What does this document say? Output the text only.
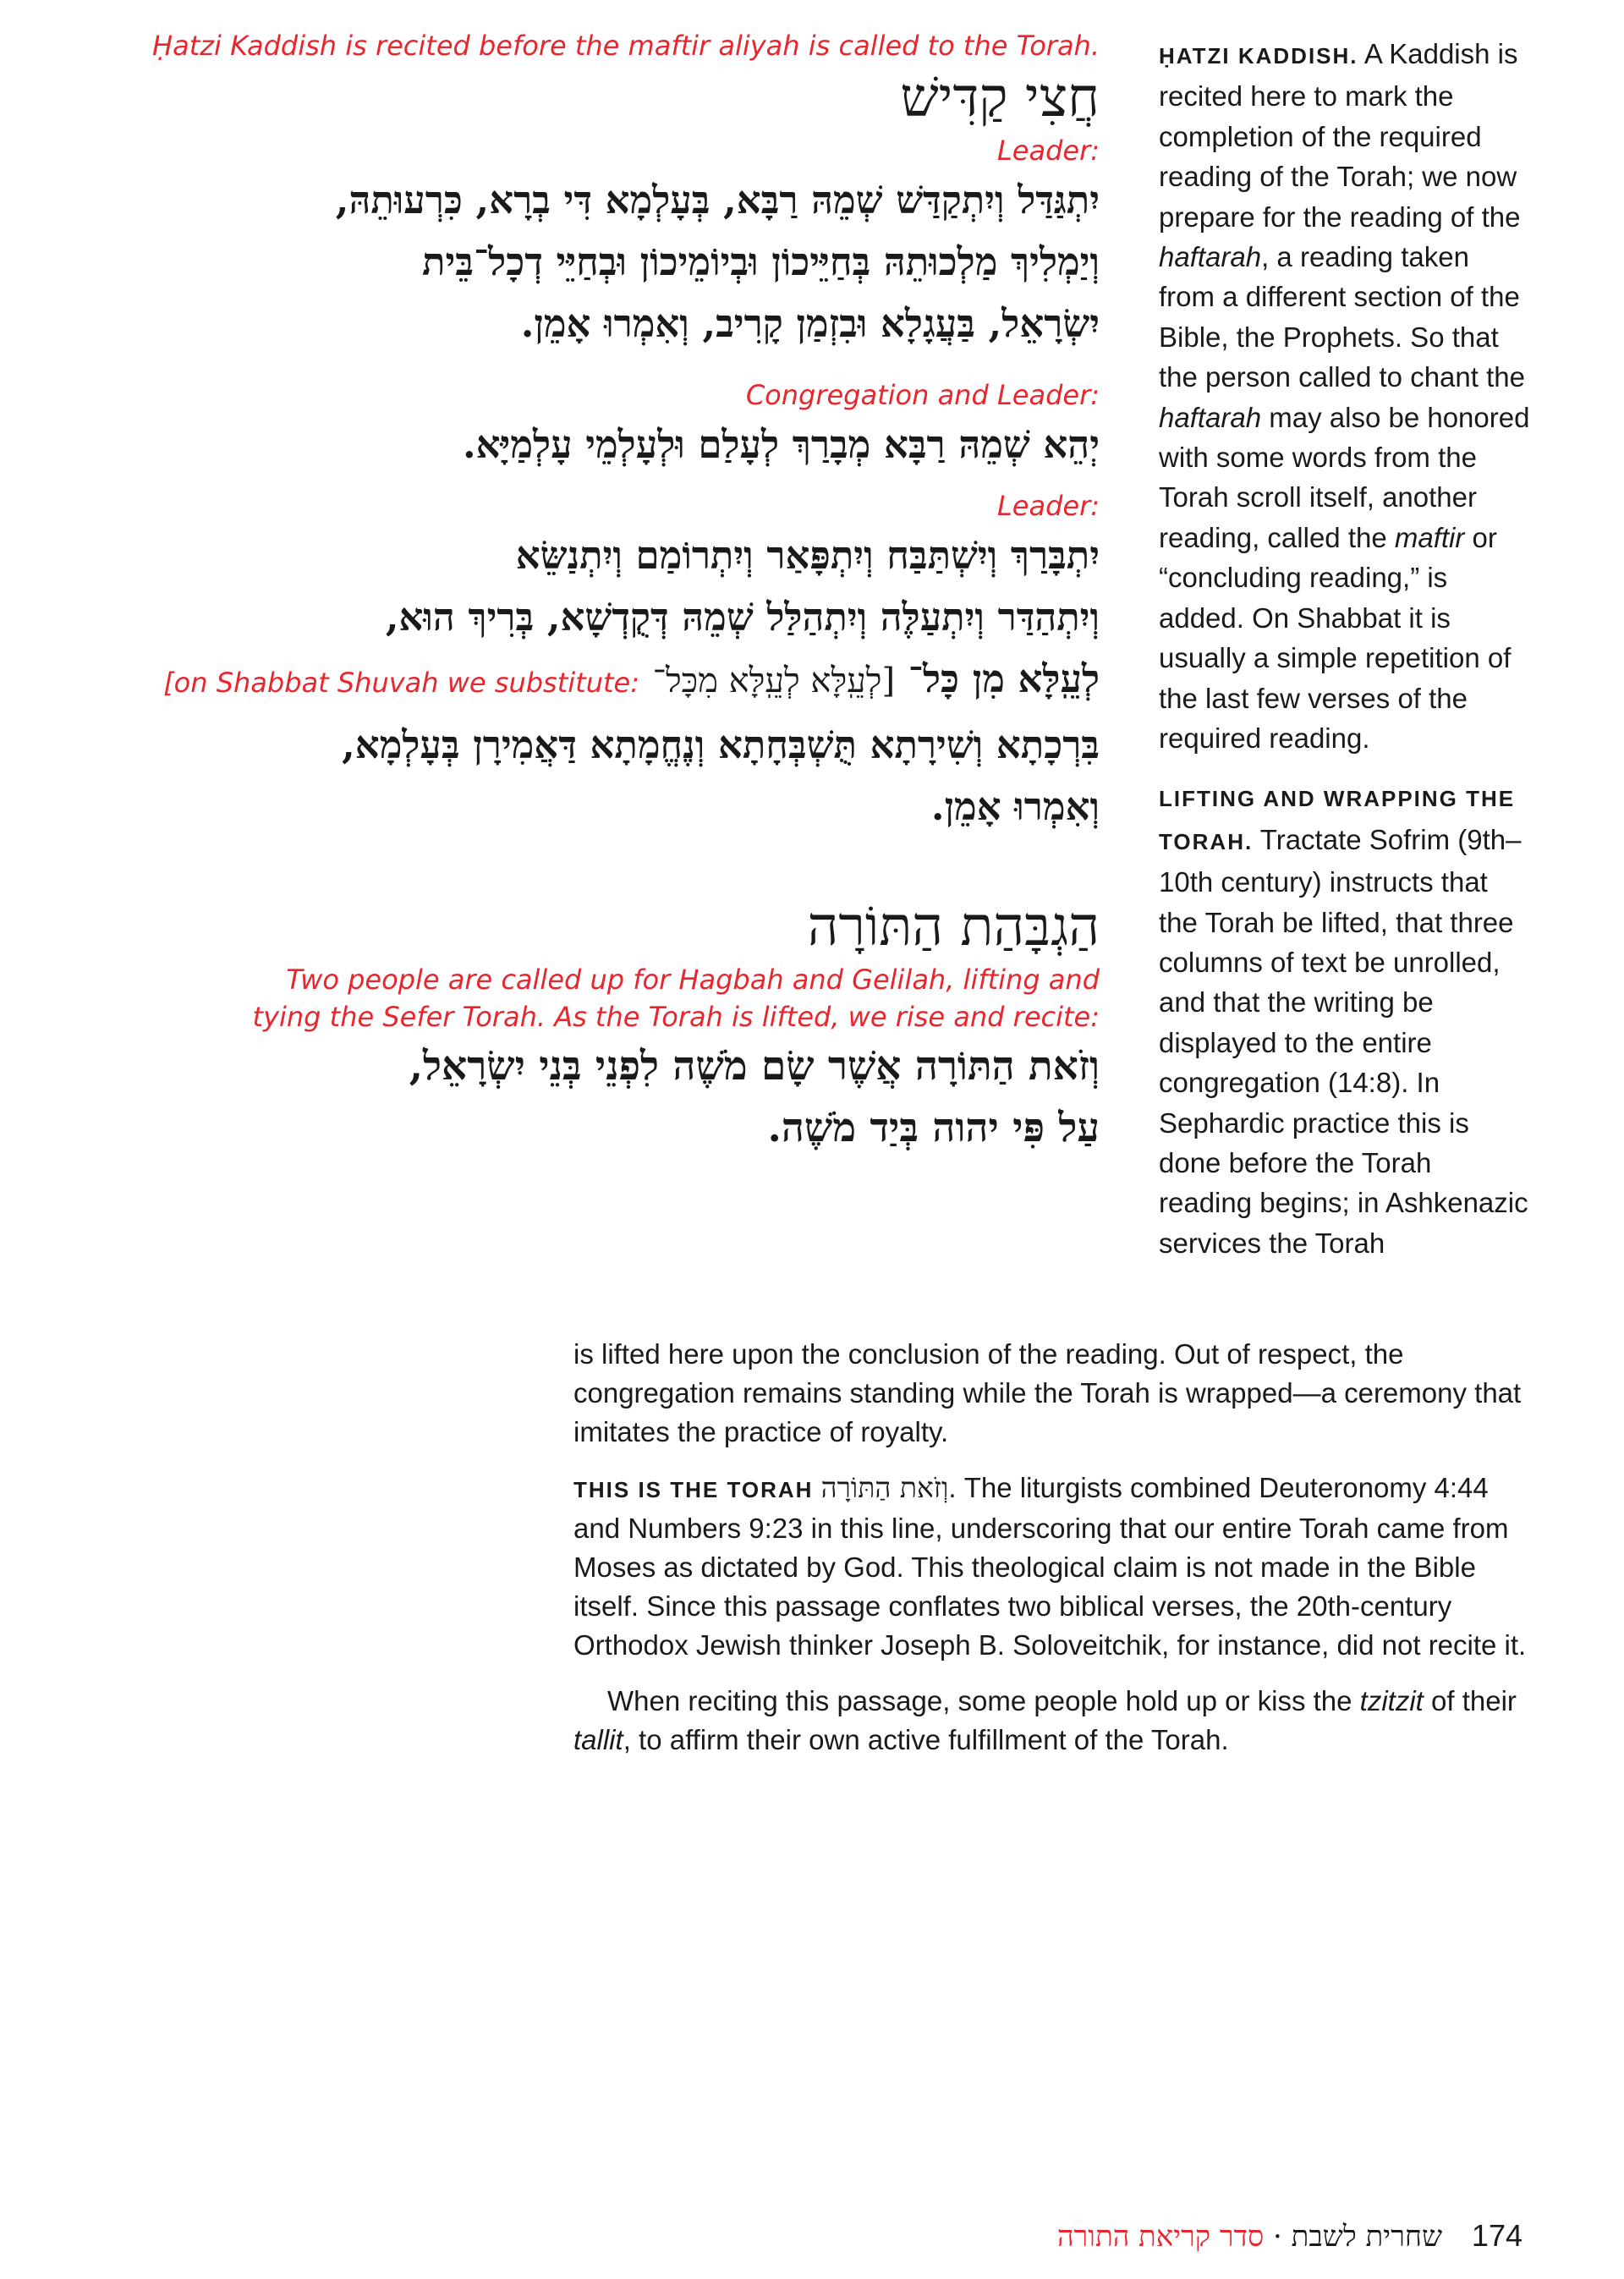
Ḥatzi Kaddish is recited before the maftir aliyah is called to the Torah.
חֲצִי קַדִּישׁ
Leader:
יִתְגַּדַּל וְיִתְקַדַּשׁ שְׁמֵהּ רַבָּא, בְּעָלְמָא דִּי בְרָא, כִּרְעוּתֵהּ,
וְיַמְלִיךְ מַלְכוּתֵהּ בְּחַיֵּיכוֹן וּבְיוֹמֵיכוֹן וּבְחַיֵּי דְכָל־בֵּית
יִשְׂרָאֵל, בַּעֲגָלָא וּבִזְמַן קָרִיב, וְאִמְרוּ אָמֵן.
Congregation and Leader:
יְהֵא שְׁמֵהּ רַבָּא מְבָרַךְ לְעָלַם וּלְעָלְמֵי עָלְמַיָּא.
Leader:
יִתְבָּרַךְ וְיִשְׁתַּבַּח וְיִתְפָּאַר וְיִתְרוֹמַם וְיִתְנַשֵּׂא
וְיִתְהַדַּר וְיִתְעַלֶּה וְיִתְהַלַּל שְׁמֵהּ דְּקֻדְשָׁא, בְּרִיךְ הוּא,
לְעֵֽלָּא מִן כָּל־ [לְעֵֽלָּא לְעֵֽלָּא מִכָּל־ [on Shabbat Shuvah we substitute:
בִּרְכָתָא וְשִׁירָתָא תֻּשְׁבְּחָתָא וְנֶחֱמָתָא דַּאֲמִירָן בְּעָלְמָא,
וְאִמְרוּ אָמֵן.
הַגְבָּהַת הַתּוֹרָה
Two people are called up for Hagbah and Gelilah, lifting and
tying the Sefer Torah. As the Torah is lifted, we rise and recite:
וְזֹאת הַתּוֹרָה אֲשֶׁר שָׂם מֹשֶׁה לִפְנֵי בְּנֵי יִשְׂרָאֵל,
עַל פִּי יהוה בְּיַד מֹשֶׁה.

ḤATZI KADDISH. A Kaddish is recited here to mark the completion of the required reading of the Torah; we now prepare for the reading of the haftarah, a reading taken from a different section of the Bible, the Prophets. So that the person called to chant the haftarah may also be honored with some words from the Torah scroll itself, another reading, called the maftir or “concluding reading,” is added. On Shabbat it is usually a simple repetition of the last few verses of the required reading.

LIFTING AND WRAPPING THE TORAH. Tractate Sofrim (9th–10th century) instructs that the Torah be lifted, that three columns of text be unrolled, and that the writing be displayed to the entire congregation (14:8). In Sephardic practice this is done before the Torah reading begins; in Ashkenazic services the Torah

is lifted here upon the conclusion of the reading. Out of respect, the congregation remains standing while the Torah is wrapped—a ceremony that imitates the practice of royalty.

THIS IS THE TORAH וְזֹאת הַתּוֹרָה. The liturgists combined Deuteronomy 4:44 and Numbers 9:23 in this line, underscoring that our entire Torah came from Moses as dictated by God. This theological claim is not made in the Bible itself. Since this passage conflates two biblical verses, the 20th-century Orthodox Jewish thinker Joseph B. Soloveitchik, for instance, did not recite it.

When reciting this passage, some people hold up or kiss the tzitzit of their tallit, to affirm their own active fulfillment of the Torah.

סדר קריאת התורה · שחרית לשבת 174
